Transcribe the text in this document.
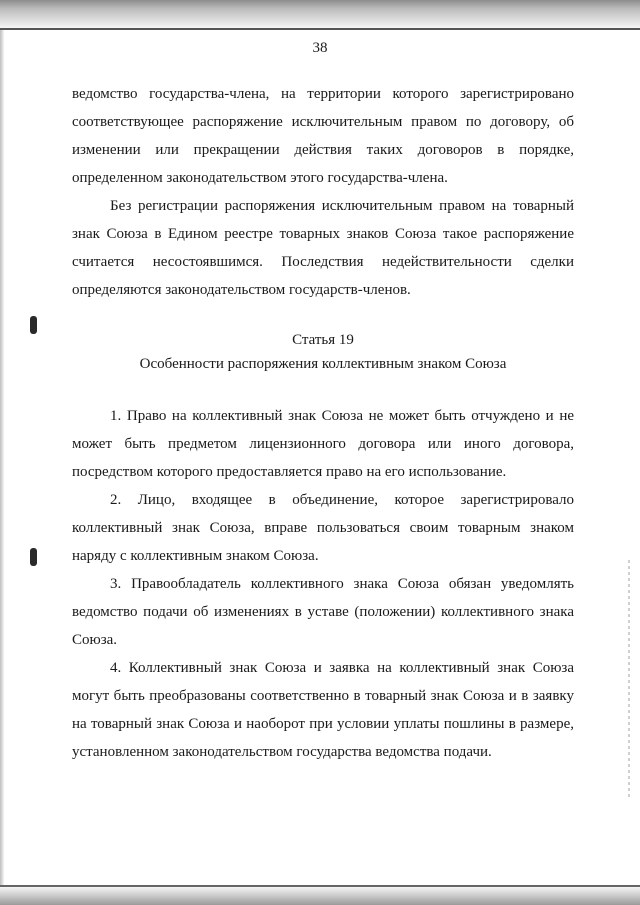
38

ведомство государства-члена, на территории которого зарегистрировано соответствующее распоряжение исключительным правом по договору, об изменении или прекращении действия таких договоров в порядке, определенном законодательством этого государства-члена.

Без регистрации распоряжения исключительным правом на товарный знак Союза в Едином реестре товарных знаков Союза такое распоряжение считается несостоявшимся. Последствия недействительности сделки определяются законодательством государств-членов.

Статья 19
Особенности распоряжения коллективным знаком Союза

1. Право на коллективный знак Союза не может быть отчуждено и не может быть предметом лицензионного договора или иного договора, посредством которого предоставляется право на его использование.

2. Лицо, входящее в объединение, которое зарегистрировало коллективный знак Союза, вправе пользоваться своим товарным знаком наряду с коллективным знаком Союза.

3. Правообладатель коллективного знака Союза обязан уведомлять ведомство подачи об изменениях в уставе (положении) коллективного знака Союза.

4. Коллективный знак Союза и заявка на коллективный знак Союза могут быть преобразованы соответственно в товарный знак Союза и в заявку на товарный знак Союза и наоборот при условии уплаты пошлины в размере, установленном законодательством государства ведомства подачи.
